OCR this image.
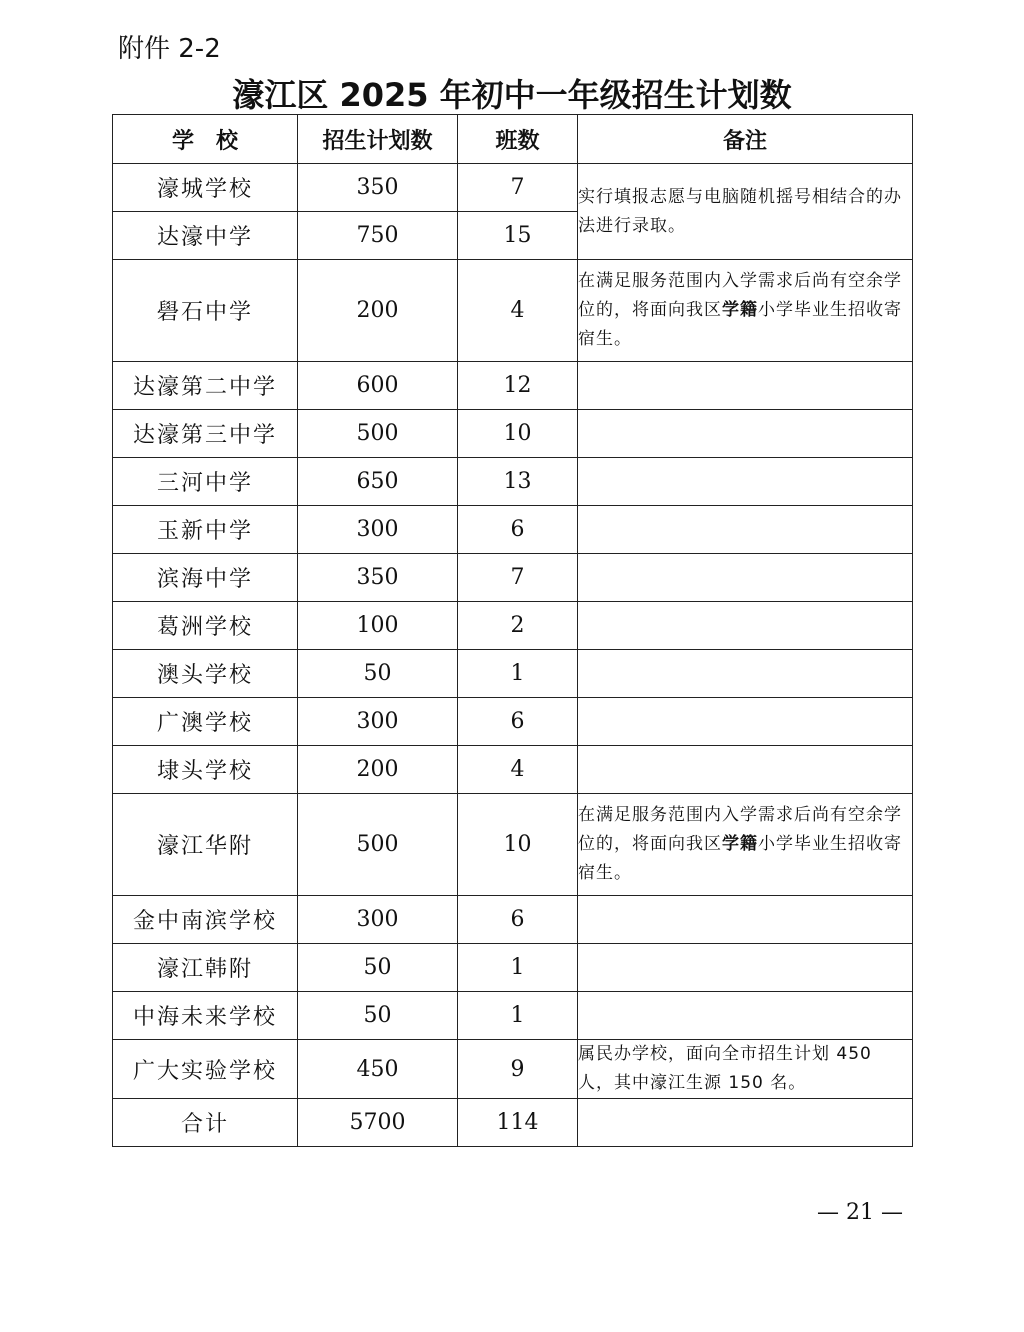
附件 2-2
濠江区 2025 年初中一年级招生计划数
学　校	招生计划数	班数	备注
濠城学校	350	7	实行填报志愿与电脑随机摇号相结合的办法进行录取。
达濠中学	750	15	
礐石中学	200	4	在满足服务范围内入学需求后尚有空余学位的，将面向我区学籍小学毕业生招收寄宿生。
达濠第二中学	600	12	
达濠第三中学	500	10	
三河中学	650	13	
玉新中学	300	6	
滨海中学	350	7	
葛洲学校	100	2	
澳头学校	50	1	
广澳学校	300	6	
埭头学校	200	4	
濠江华附	500	10	在满足服务范围内入学需求后尚有空余学位的，将面向我区学籍小学毕业生招收寄宿生。
金中南滨学校	300	6	
濠江韩附	50	1	
中海未来学校	50	1	
广大实验学校	450	9	属民办学校，面向全市招生计划 450 人，其中濠江生源 150 名。
合计	5700	114	
— 21 —
